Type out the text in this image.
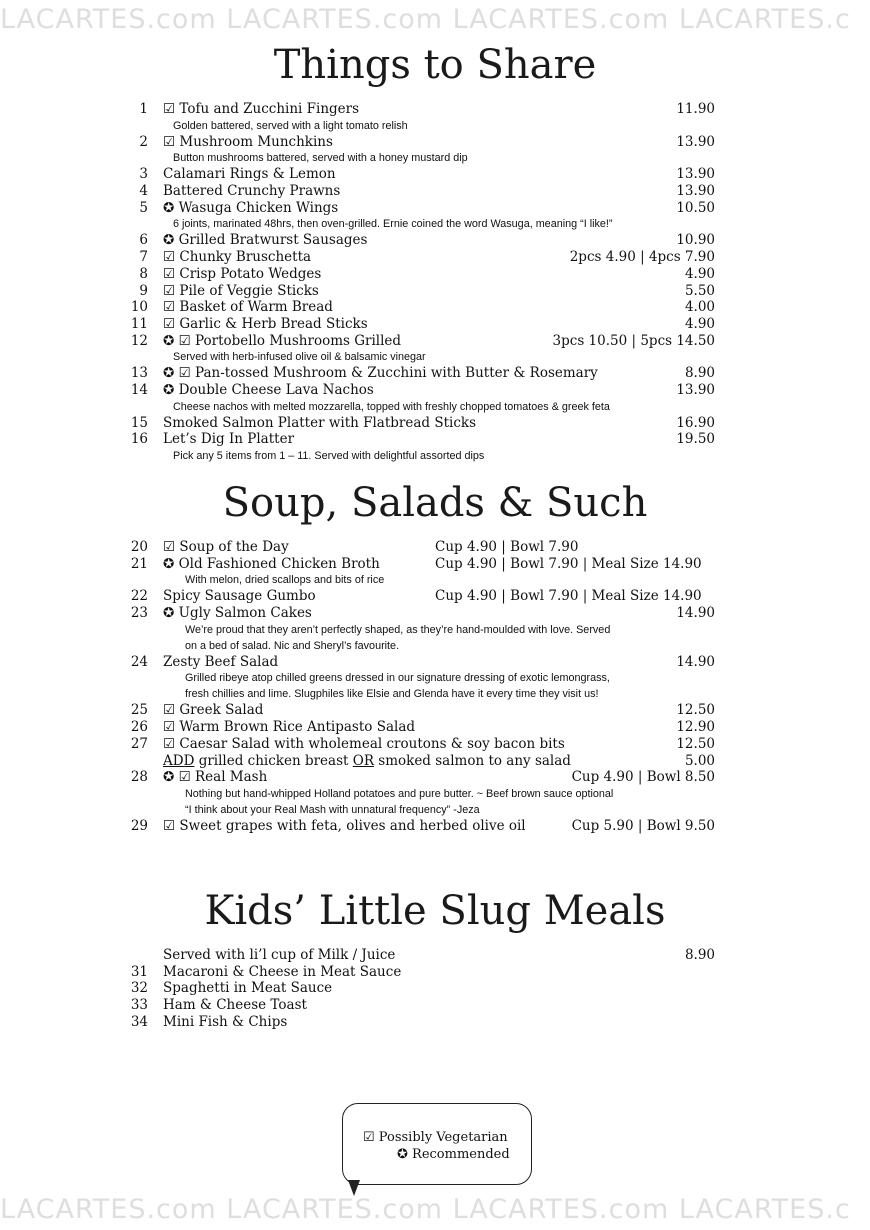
LACARTES.com LACARTES.com LACARTES.com LACARTES.c
LACARTES.com LACARTES.com LACARTES.com LACARTES.c
Things to Share
1 ☑ Tofu and Zucchini Fingers	11.90
Golden battered, served with a light tomato relish
2 ☑ Mushroom Munchkins	13.90
Button mushrooms battered, served with a honey mustard dip
3 Calamari Rings & Lemon	13.90
4 Battered Crunchy Prawns	13.90
5 ✪ Wasuga Chicken Wings	10.50
6 joints, marinated 48hrs, then oven-grilled. Ernie coined the word Wasuga, meaning “I like!”
6 ✪ Grilled Bratwurst Sausages	10.90
7 ☑ Chunky Bruschetta	2pcs 4.90 | 4pcs 7.90
8 ☑ Crisp Potato Wedges	4.90
9 ☑ Pile of Veggie Sticks	5.50
10 ☑ Basket of Warm Bread	4.00
11 ☑ Garlic & Herb Bread Sticks	4.90
12 ✪ ☑ Portobello Mushrooms Grilled	3pcs 10.50 | 5pcs 14.50
Served with herb-infused olive oil & balsamic vinegar
13 ✪ ☑ Pan-tossed Mushroom & Zucchini with Butter & Rosemary	8.90
14 ✪ Double Cheese Lava Nachos	13.90
Cheese nachos with melted mozzarella, topped with freshly chopped tomatoes & greek feta
15 Smoked Salmon Platter with Flatbread Sticks	16.90
16 Let’s Dig In Platter	19.50
Pick any 5 items from 1 – 11. Served with delightful assorted dips
Soup, Salads & Such
20 ☑ Soup of the Day	Cup 4.90 | Bowl 7.90
21 ✪ Old Fashioned Chicken Broth	Cup 4.90 | Bowl 7.90 | Meal Size 14.90
With melon, dried scallops and bits of rice
22 Spicy Sausage Gumbo	Cup 4.90 | Bowl 7.90 | Meal Size 14.90
23 ✪ Ugly Salmon Cakes	14.90
We’re proud that they aren’t perfectly shaped, as they’re hand-moulded with love. Served
on a bed of salad. Nic and Sheryl’s favourite.
24 Zesty Beef Salad	14.90
Grilled ribeye atop chilled greens dressed in our signature dressing of exotic lemongrass,
fresh chillies and lime. Slugphiles like Elsie and Glenda have it every time they visit us!
25 ☑ Greek Salad	12.50
26 ☑ Warm Brown Rice Antipasto Salad	12.90
27 ☑ Caesar Salad with wholemeal croutons & soy bacon bits	12.50
ADD grilled chicken breast OR smoked salmon to any salad	5.00
28 ✪ ☑ Real Mash	Cup 4.90 | Bowl 8.50
Nothing but hand-whipped Holland potatoes and pure butter. ~ Beef brown sauce optional
“I think about your Real Mash with unnatural frequency” -Jeza
29 ☑ Sweet grapes with feta, olives and herbed olive oil	Cup 5.90 | Bowl 9.50
Kids’ Little Slug Meals
Served with li’l cup of Milk / Juice	8.90
31 Macaroni & Cheese in Meat Sauce
32 Spaghetti in Meat Sauce
33 Ham & Cheese Toast
34 Mini Fish & Chips
☑ Possibly Vegetarian
✪ Recommended
